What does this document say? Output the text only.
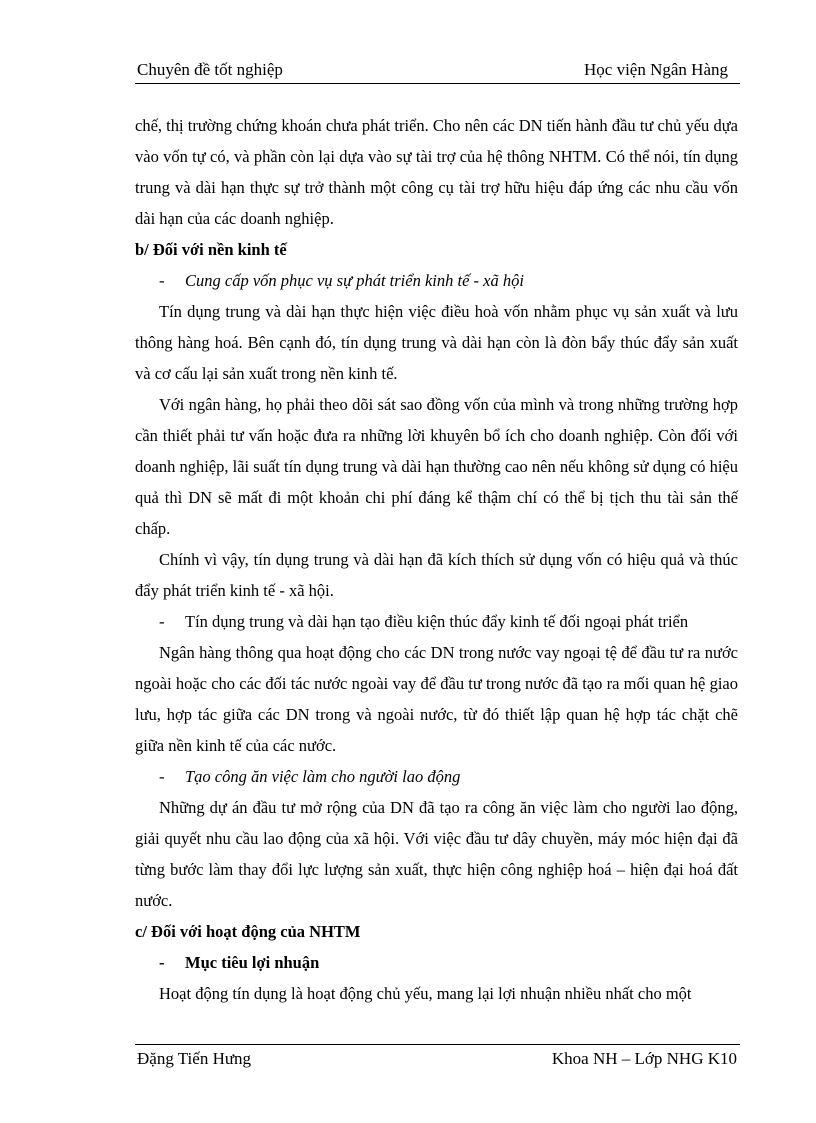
Chuyên đề tốt nghiệp	Học viện Ngân Hàng

chế, thị trường chứng khoán chưa phát triển. Cho nên các DN tiến hành đầu tư chủ yếu dựa vào vốn tự có, và phần còn lại dựa vào sự tài trợ của hệ thông NHTM. Có thể nói, tín dụng trung và dài hạn thực sự trở thành một công cụ tài trợ hữu hiệu đáp ứng các nhu cầu vốn dài hạn của các doanh nghiệp.

b/ Đối với nền kinh tế

- Cung cấp vốn phục vụ sự phát triển kinh tế - xã hội

Tín dụng trung và dài hạn thực hiện việc điều hoà vốn nhằm phục vụ sản xuất và lưu thông hàng hoá. Bên cạnh đó, tín dụng trung và dài hạn còn là đòn bẩy thúc đẩy sản xuất và cơ cấu lại sản xuất trong nền kinh tế.

Với ngân hàng, họ phải theo dõi sát sao đồng vốn của mình và trong những trường hợp cần thiết phải tư vấn hoặc đưa ra những lời khuyên bổ ích cho doanh nghiệp. Còn đối với doanh nghiệp, lãi suất tín dụng trung và dài hạn thường cao nên nếu không sử dụng có hiệu quả thì DN sẽ mất đi một khoản chi phí đáng kể thậm chí có thể bị tịch thu tài sản thế chấp.

Chính vì vậy, tín dụng trung và dài hạn đã kích thích sử dụng vốn có hiệu quả và thúc đẩy phát triển kinh tế - xã hội.

- Tín dụng trung và dài hạn tạo điều kiện thúc đẩy kinh tế đối ngoại phát triển

Ngân hàng thông qua hoạt động cho các DN trong nước vay ngoại tệ để đầu tư ra nước ngoài hoặc cho các đối tác nước ngoài vay để đầu tư trong nước đã tạo ra mối quan hệ giao lưu, hợp tác giữa các DN trong và ngoài nước, từ đó thiết lập quan hệ hợp tác chặt chẽ giữa nền kinh tế của các nước.

- Tạo công ăn việc làm cho người lao động

Những dự án đầu tư mở rộng của DN đã tạo ra công ăn việc làm cho người lao động, giải quyết nhu cầu lao động của xã hội. Với việc đầu tư dây chuyền, máy móc hiện đại đã từng bước làm thay đổi lực lượng sản xuất, thực hiện công nghiệp hoá – hiện đại hoá đất nước.

c/ Đối với hoạt động của NHTM

- Mục tiêu lợi nhuận

Hoạt động tín dụng là hoạt động chủ yếu, mang lại lợi nhuận nhiều nhất cho một

Đặng Tiến Hưng	Khoa NH – Lớp NHG K10
